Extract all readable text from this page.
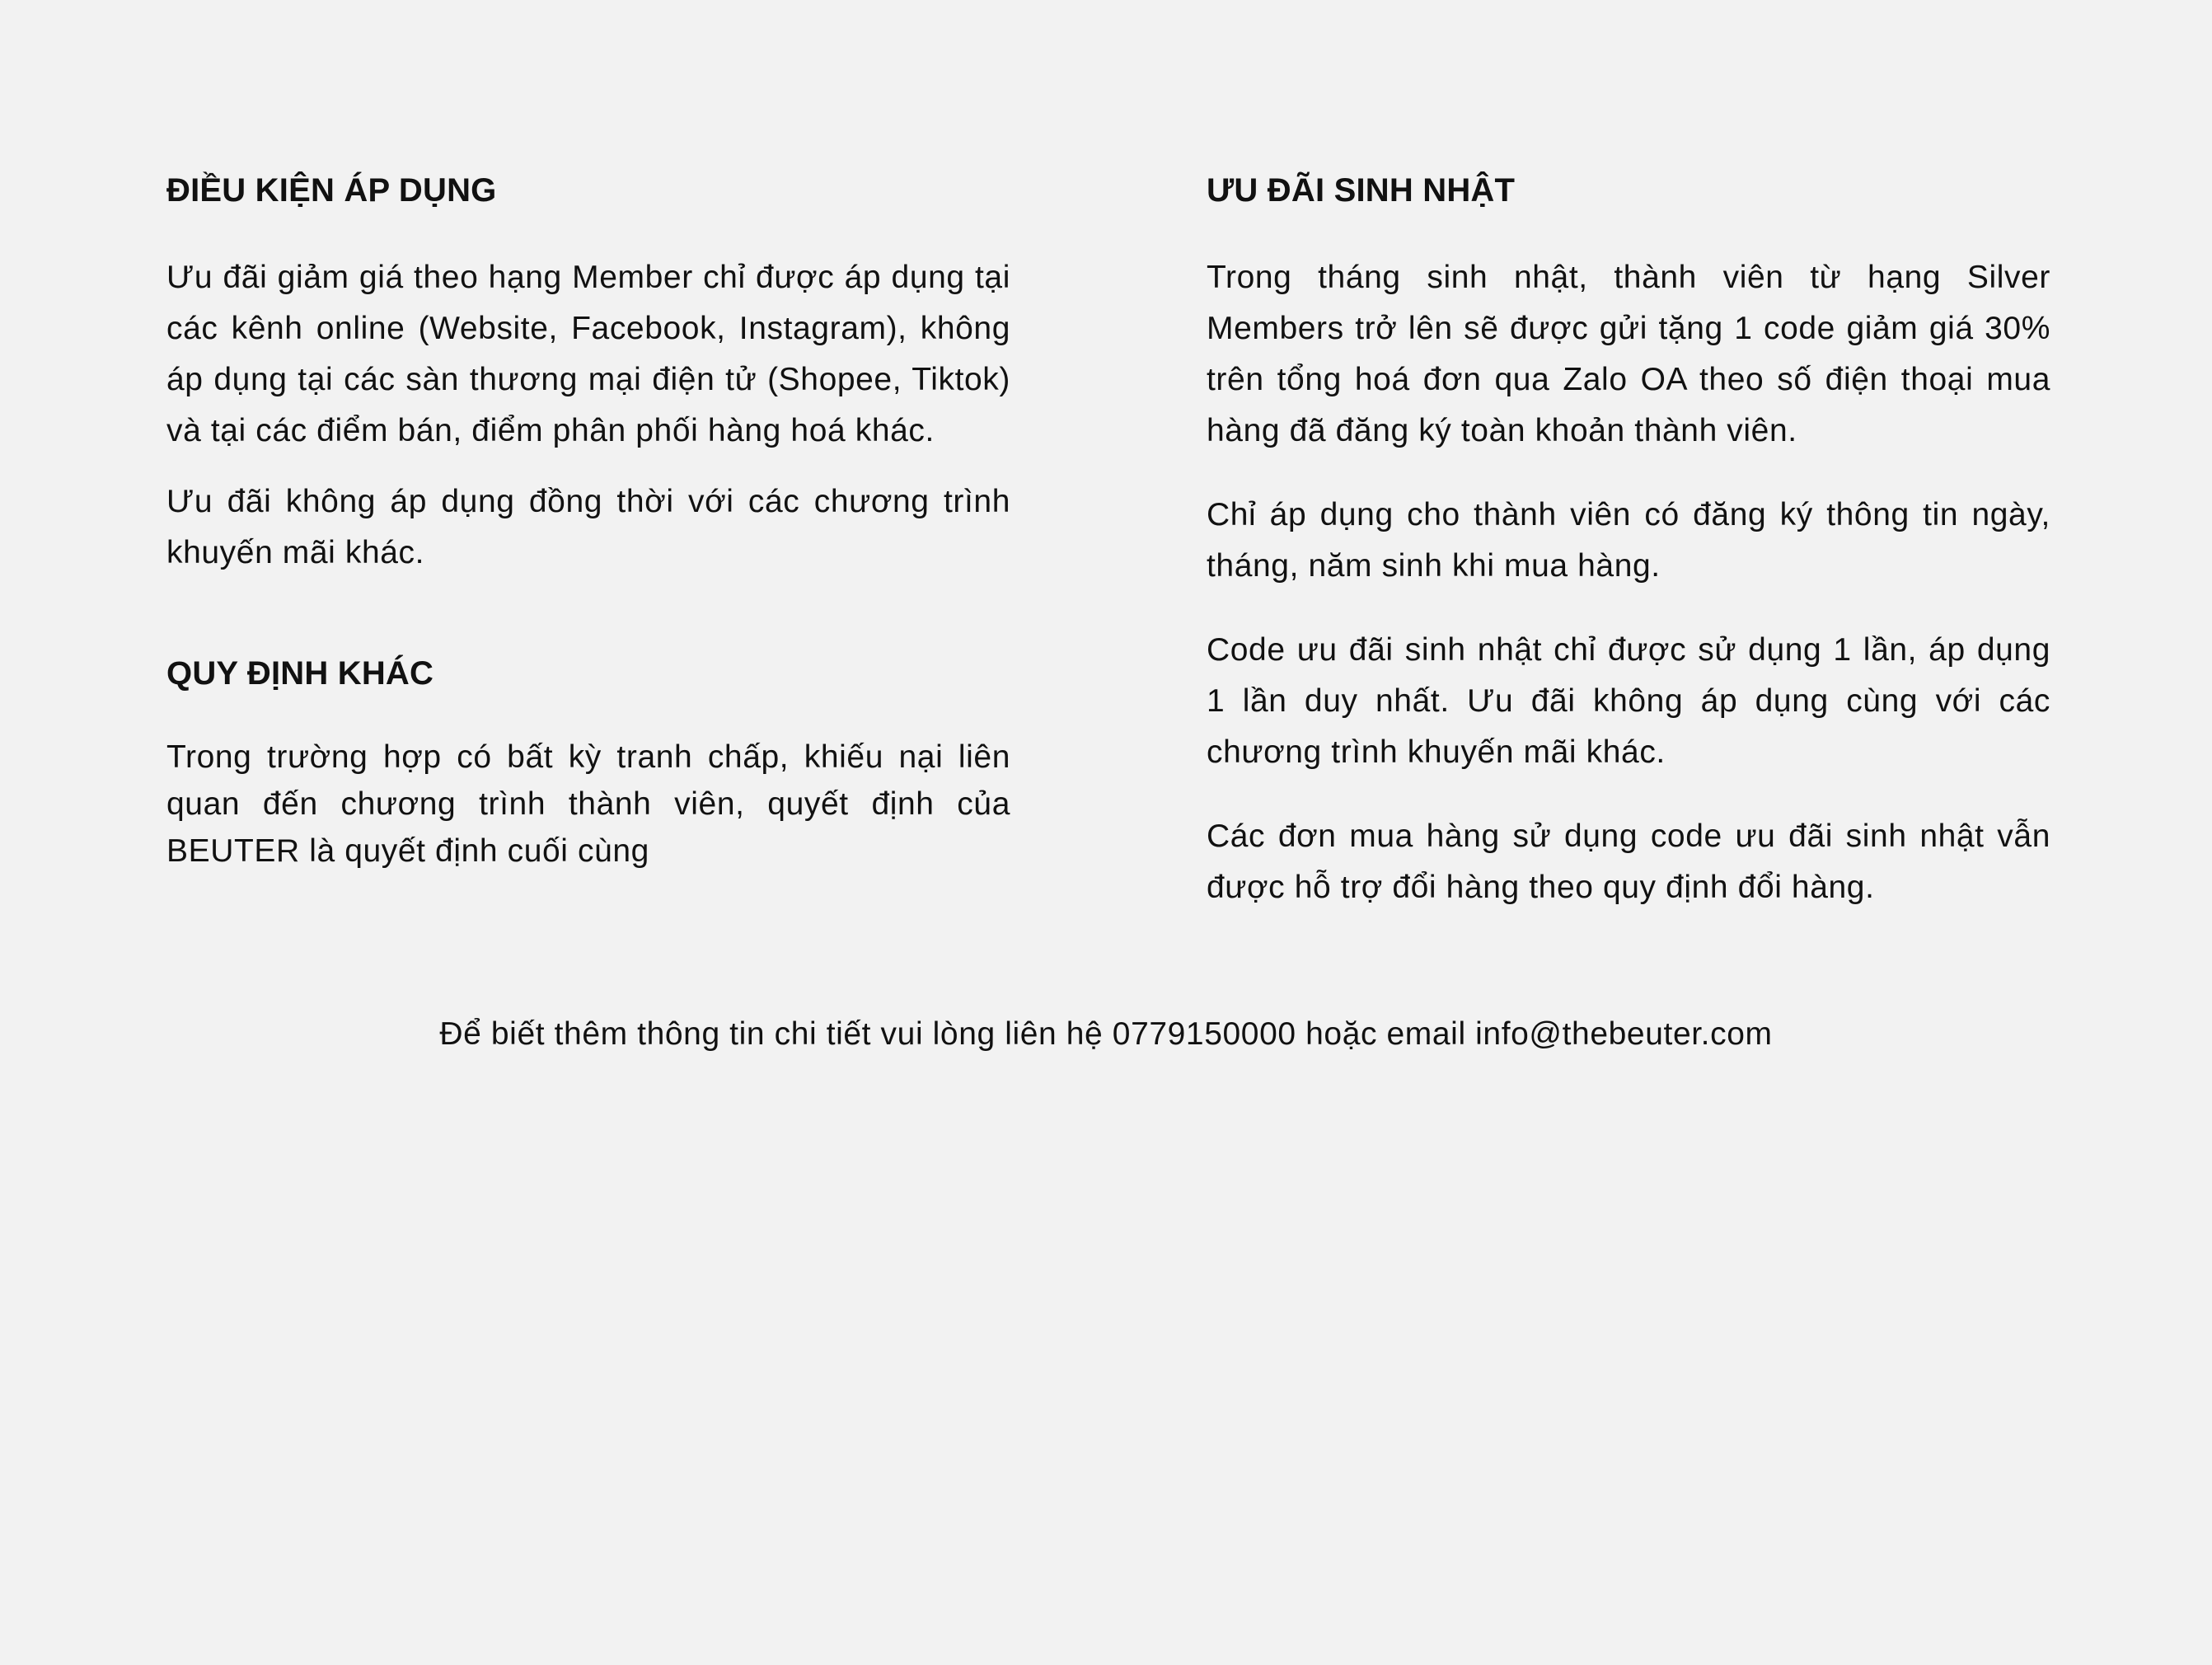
ĐIỀU KIỆN ÁP DỤNG

Ưu đãi giảm giá theo hạng Member chỉ được áp dụng tại các kênh online (Website, Facebook, Instagram), không áp dụng tại các sàn thương mại điện tử (Shopee, Tiktok) và tại các điểm bán, điểm phân phối hàng hoá khác.

Ưu đãi không áp dụng đồng thời với các chương trình khuyến mãi khác.

QUY ĐỊNH KHÁC

Trong trường hợp có bất kỳ tranh chấp, khiếu nại liên quan đến chương trình thành viên, quyết định của BEUTER là quyết định cuối cùng

ƯU ĐÃI SINH NHẬT

Trong tháng sinh nhật, thành viên từ hạng Silver Members trở lên sẽ được gửi tặng 1 code giảm giá 30% trên tổng hoá đơn qua Zalo OA theo số điện thoại mua hàng đã đăng ký toàn khoản thành viên.

Chỉ áp dụng cho thành viên có đăng ký thông tin ngày, tháng, năm sinh khi mua hàng.

Code ưu đãi sinh nhật chỉ được sử dụng 1 lần, áp dụng 1 lần duy nhất. Ưu đãi không áp dụng cùng với các chương trình khuyến mãi khác.

Các đơn mua hàng sử dụng code ưu đãi sinh nhật vẫn được hỗ trợ đổi hàng theo quy định đổi hàng.

Để biết thêm thông tin chi tiết vui lòng liên hệ 0779150000 hoặc email info@thebeuter.com
